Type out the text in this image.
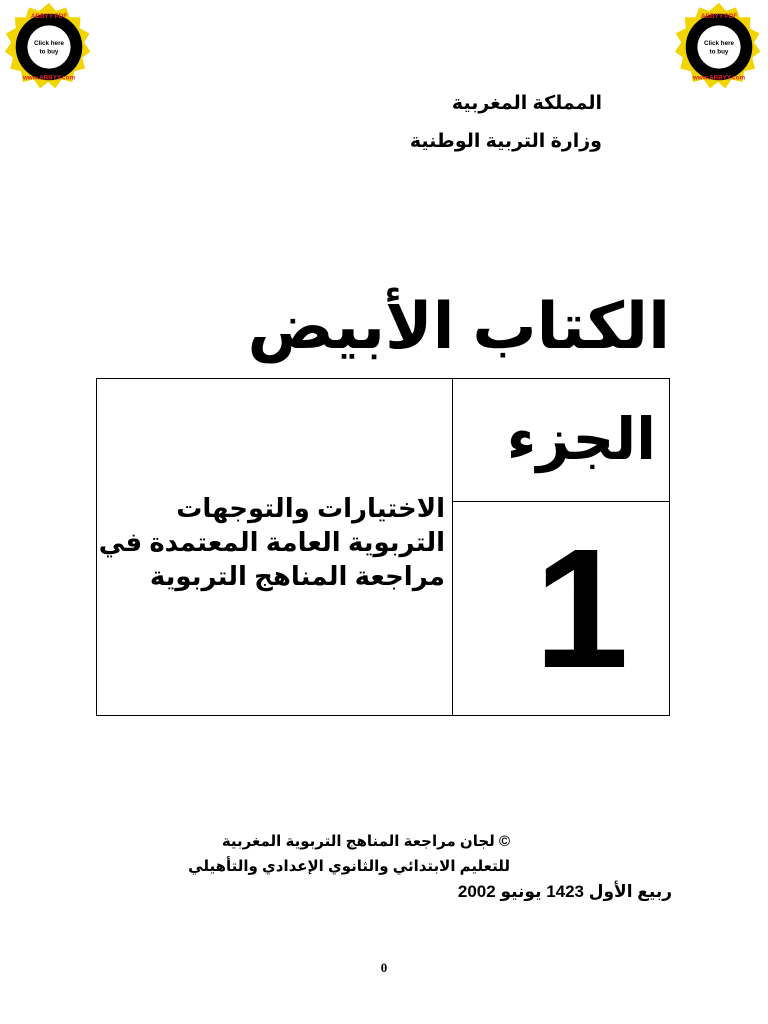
ABBYY PDF
www.ABBYY.com
Click here
to buy
ABBYY PDF
www.ABBYY.com
Click here
to buy
المملكة المغربية
وزارة التربية الوطنية
الكتاب الأبيض
الجزء
1
الاختيارات والتوجهات
التربوية العامة المعتمدة في
مراجعة المناهج التربوية
© لجان مراجعة المناهج التربوية المغربية
للتعليم الابتدائي والثانوي الإعدادي والتأهيلي
ربيع الأول 1423 يونيو 2002
0
